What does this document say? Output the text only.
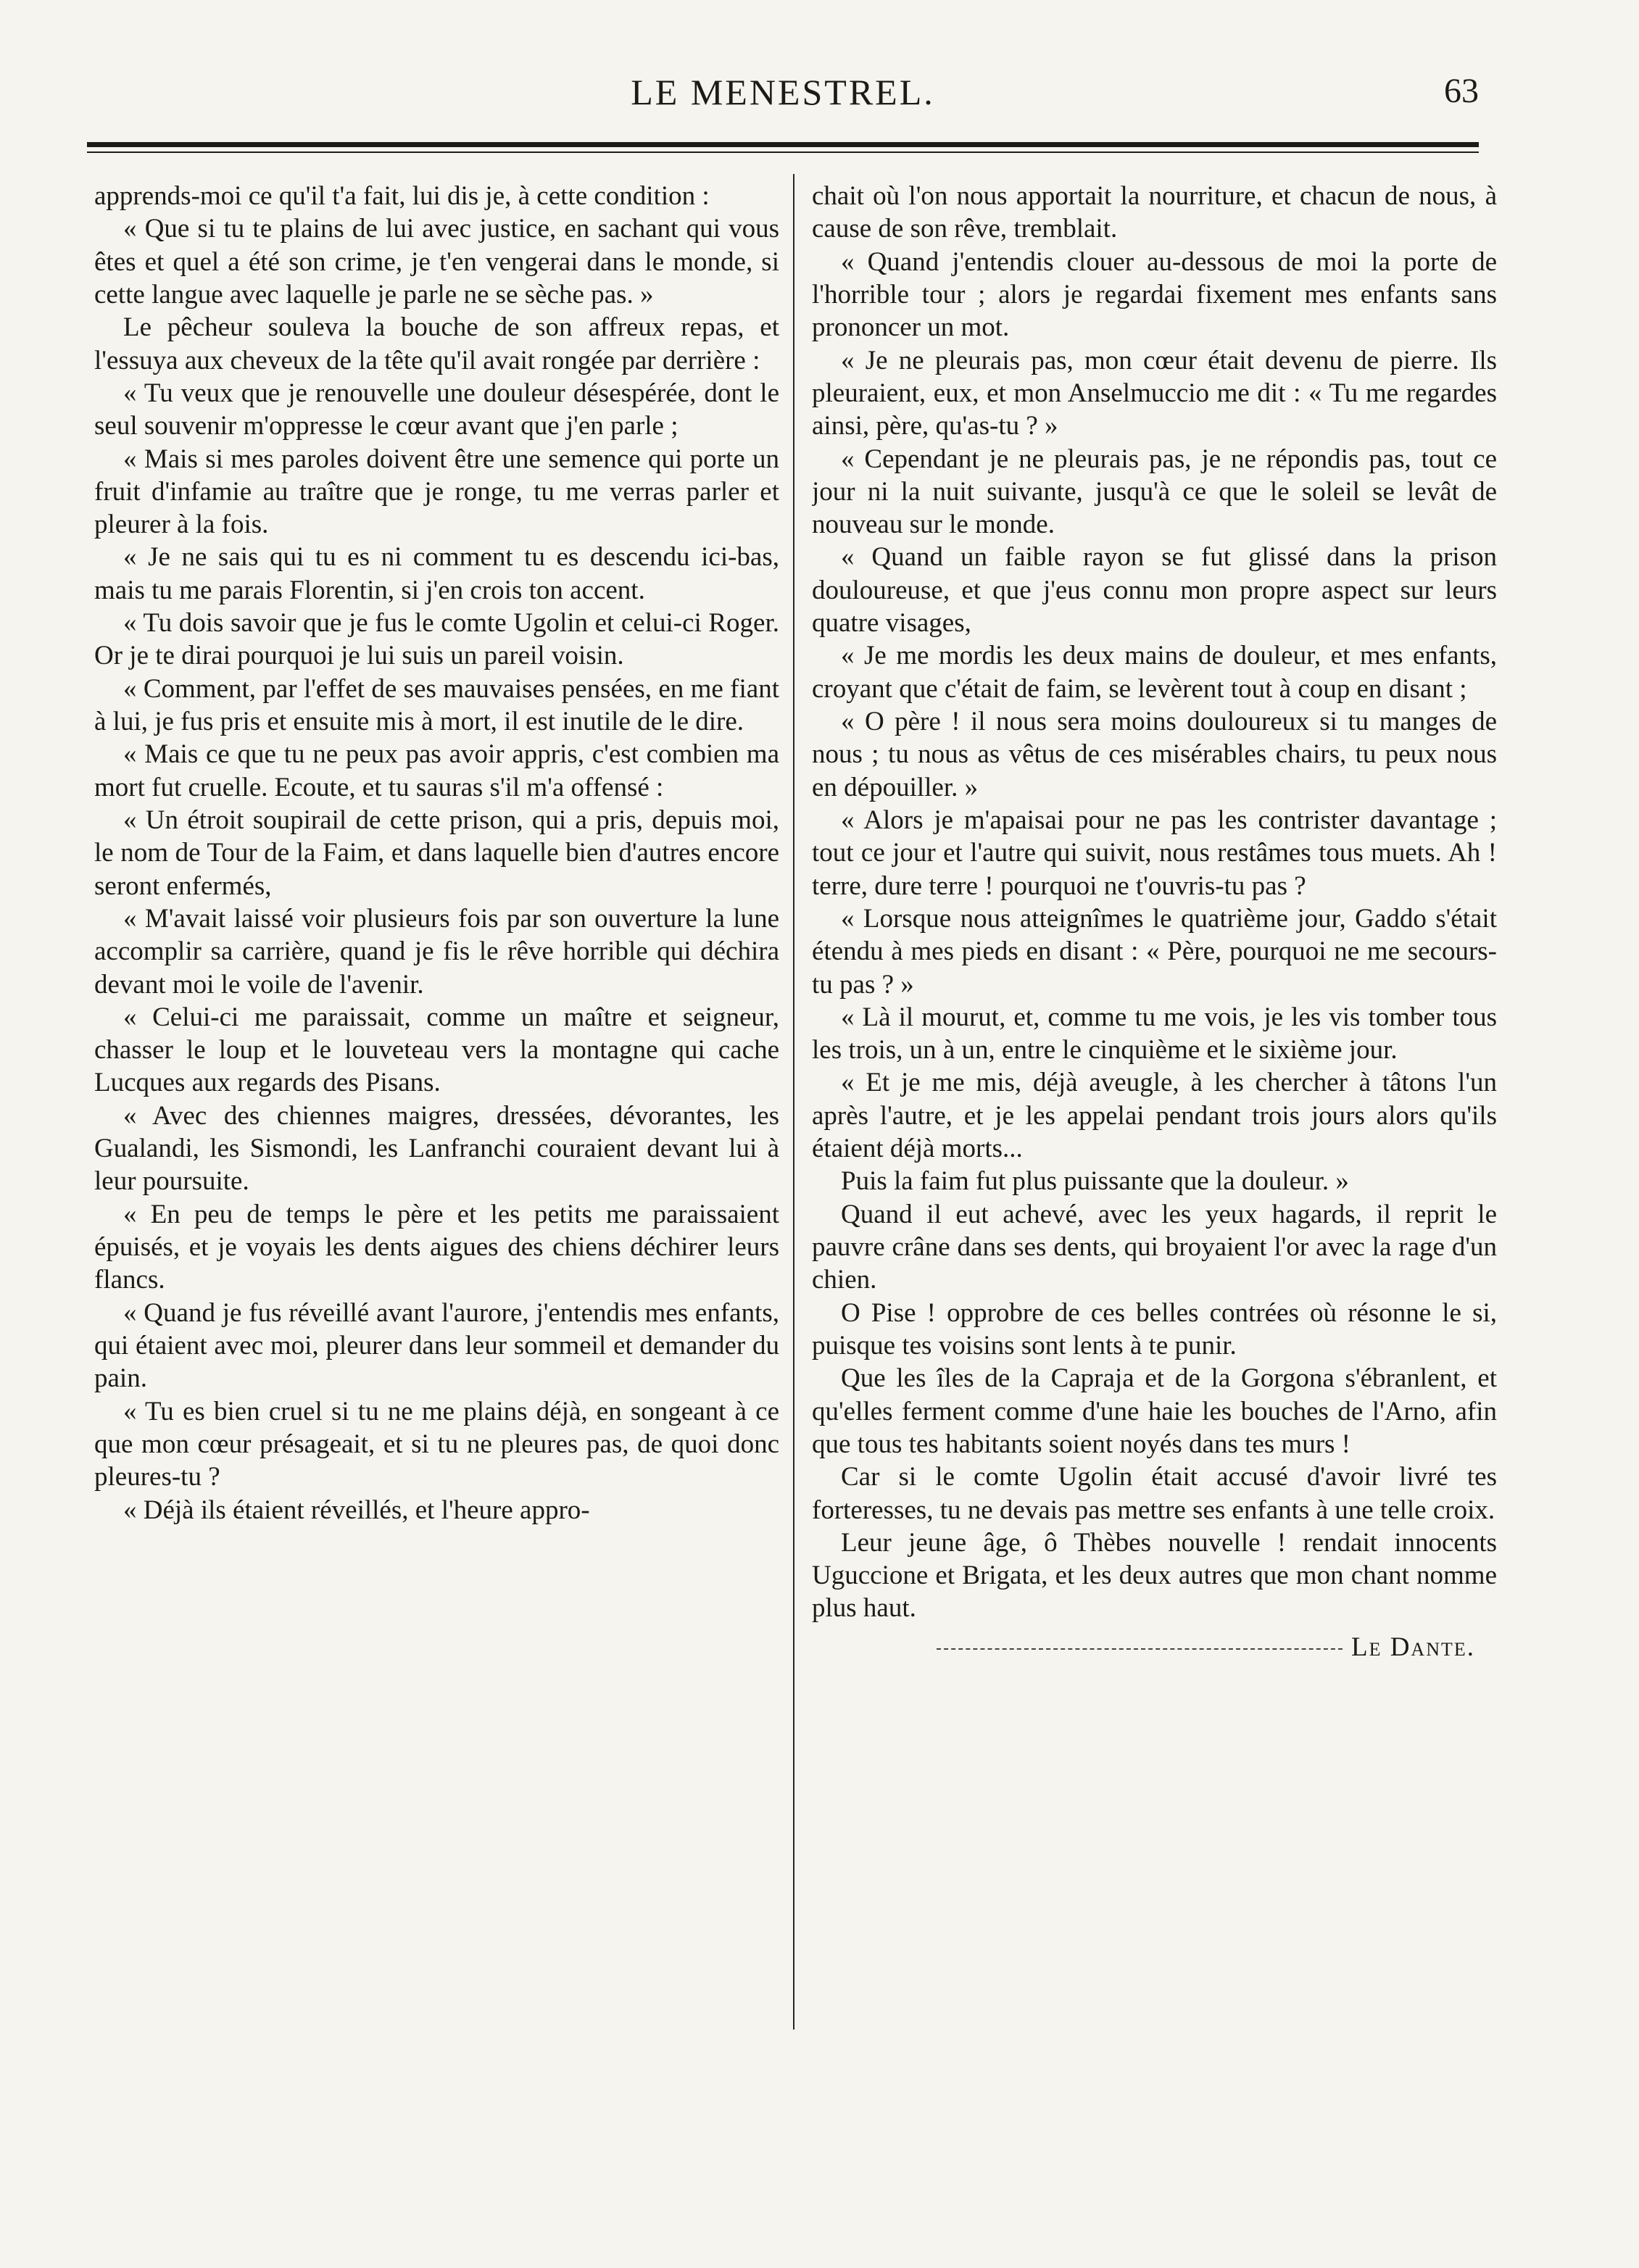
LE MENESTREL.	63

apprends-moi ce qu'il t'a fait, lui dis je, à cette condition :

« Que si tu te plains de lui avec justice, en sachant qui vous êtes et quel a été son crime, je t'en vengerai dans le monde, si cette langue avec laquelle je parle ne se sèche pas. »

Le pêcheur souleva la bouche de son affreux repas, et l'essuya aux cheveux de la tête qu'il avait rongée par derrière :

« Tu veux que je renouvelle une douleur désespérée, dont le seul souvenir m'oppresse le cœur avant que j'en parle ;

« Mais si mes paroles doivent être une semence qui porte un fruit d'infamie au traître que je ronge, tu me verras parler et pleurer à la fois.

« Je ne sais qui tu es ni comment tu es descendu ici-bas, mais tu me parais Florentin, si j'en crois ton accent.

« Tu dois savoir que je fus le comte Ugolin et celui-ci Roger. Or je te dirai pourquoi je lui suis un pareil voisin.

« Comment, par l'effet de ses mauvaises pensées, en me fiant à lui, je fus pris et ensuite mis à mort, il est inutile de le dire.

« Mais ce que tu ne peux pas avoir appris, c'est combien ma mort fut cruelle. Ecoute, et tu sauras s'il m'a offensé :

« Un étroit soupirail de cette prison, qui a pris, depuis moi, le nom de Tour de la Faim, et dans laquelle bien d'autres encore seront enfermés,

« M'avait laissé voir plusieurs fois par son ouverture la lune accomplir sa carrière, quand je fis le rêve horrible qui déchira devant moi le voile de l'avenir.

« Celui-ci me paraissait, comme un maître et seigneur, chasser le loup et le louveteau vers la montagne qui cache Lucques aux regards des Pisans.

« Avec des chiennes maigres, dressées, dévorantes, les Gualandi, les Sismondi, les Lanfranchi couraient devant lui à leur poursuite.

« En peu de temps le père et les petits me paraissaient épuisés, et je voyais les dents aigues des chiens déchirer leurs flancs.

« Quand je fus réveillé avant l'aurore, j'entendis mes enfants, qui étaient avec moi, pleurer dans leur sommeil et demander du pain.

« Tu es bien cruel si tu ne me plains déjà, en songeant à ce que mon cœur présageait, et si tu ne pleures pas, de quoi donc pleures-tu ?

« Déjà ils étaient réveillés, et l'heure appro-

chait où l'on nous apportait la nourriture, et chacun de nous, à cause de son rêve, tremblait.

« Quand j'entendis clouer au-dessous de moi la porte de l'horrible tour ; alors je regardai fixement mes enfants sans prononcer un mot.

« Je ne pleurais pas, mon cœur était devenu de pierre. Ils pleuraient, eux, et mon Anselmuccio me dit : « Tu me regardes ainsi, père, qu'as-tu ? »

« Cependant je ne pleurais pas, je ne répondis pas, tout ce jour ni la nuit suivante, jusqu'à ce que le soleil se levât de nouveau sur le monde.

« Quand un faible rayon se fut glissé dans la prison douloureuse, et que j'eus connu mon propre aspect sur leurs quatre visages,

« Je me mordis les deux mains de douleur, et mes enfants, croyant que c'était de faim, se levèrent tout à coup en disant ;

« O père ! il nous sera moins douloureux si tu manges de nous ; tu nous as vêtus de ces misérables chairs, tu peux nous en dépouiller. »

« Alors je m'apaisai pour ne pas les contrister davantage ; tout ce jour et l'autre qui suivit, nous restâmes tous muets. Ah ! terre, dure terre ! pourquoi ne t'ouvris-tu pas ?

« Lorsque nous atteignîmes le quatrième jour, Gaddo s'était étendu à mes pieds en disant : « Père, pourquoi ne me secours-tu pas ? »

« Là il mourut, et, comme tu me vois, je les vis tomber tous les trois, un à un, entre le cinquième et le sixième jour.

« Et je me mis, déjà aveugle, à les chercher à tâtons l'un après l'autre, et je les appelai pendant trois jours alors qu'ils étaient déjà morts...

Puis la faim fut plus puissante que la douleur. »

Quand il eut achevé, avec les yeux hagards, il reprit le pauvre crâne dans ses dents, qui broyaient l'or avec la rage d'un chien.

O Pise ! opprobre de ces belles contrées où résonne le si, puisque tes voisins sont lents à te punir.

Que les îles de la Capraja et de la Gorgona s'ébranlent, et qu'elles ferment comme d'une haie les bouches de l'Arno, afin que tous tes habitants soient noyés dans tes murs !

Car si le comte Ugolin était accusé d'avoir livré tes forteresses, tu ne devais pas mettre ses enfants à une telle croix.

Leur jeune âge, ô Thèbes nouvelle ! rendait innocents Uguccione et Brigata, et les deux autres que mon chant nomme plus haut.

Le Dante.
